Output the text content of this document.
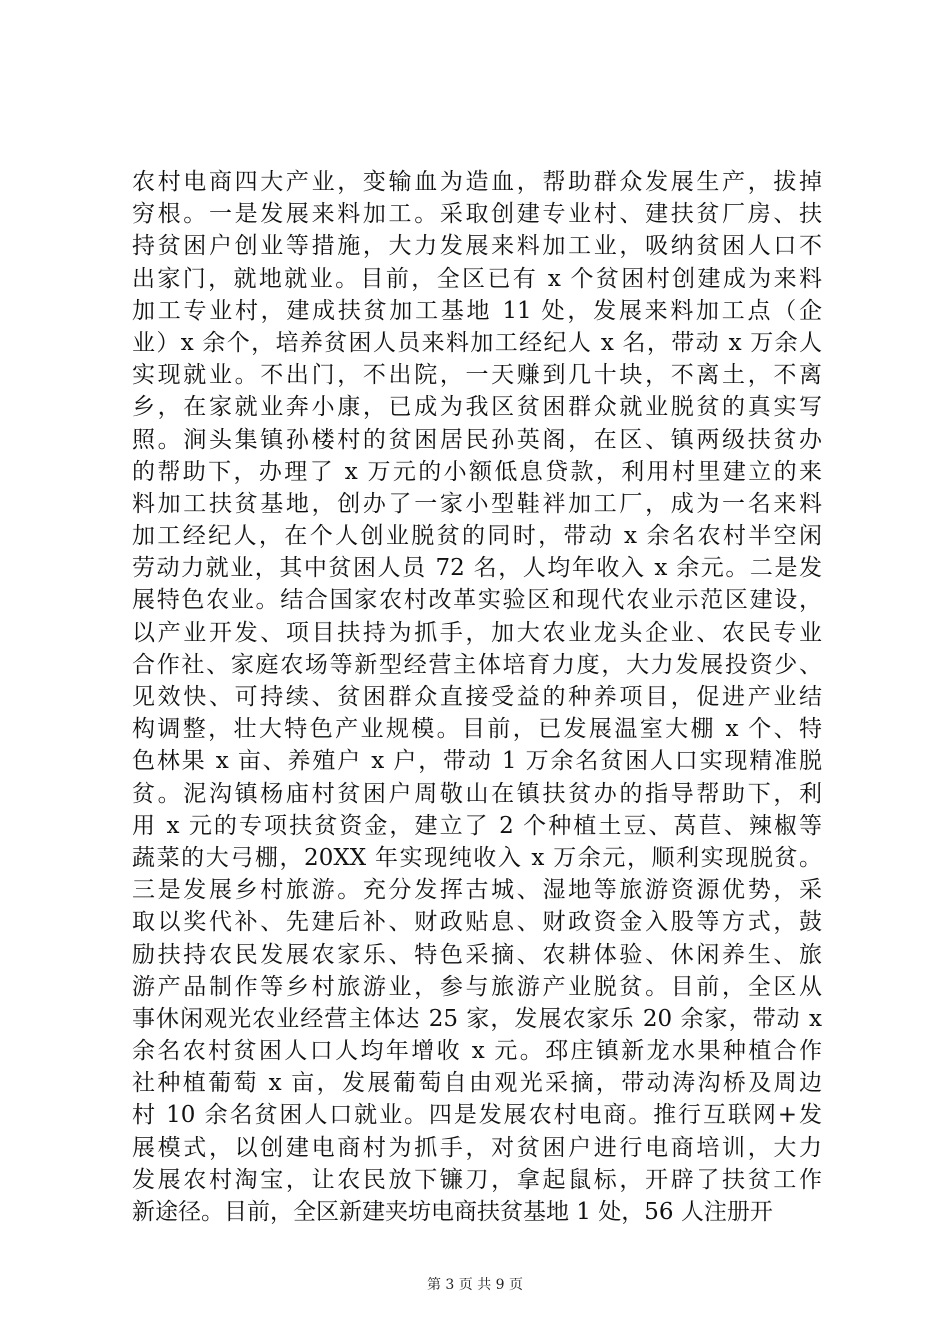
农村电商四大产业，变输血为造血，帮助群众发展生产，拔掉
穷根。一是发展来料加工。采取创建专业村、建扶贫厂房、扶
持贫困户创业等措施，大力发展来料加工业，吸纳贫困人口不
出家门，就地就业。目前，全区已有 x 个贫困村创建成为来料
加工专业村，建成扶贫加工基地 11 处，发展来料加工点（企
业）x 余个，培养贫困人员来料加工经纪人 x 名，带动 x 万余人
实现就业。不出门，不出院，一天赚到几十块，不离土，不离
乡，在家就业奔小康，已成为我区贫困群众就业脱贫的真实写
照。涧头集镇孙楼村的贫困居民孙英阁，在区、镇两级扶贫办
的帮助下，办理了 x 万元的小额低息贷款，利用村里建立的来
料加工扶贫基地，创办了一家小型鞋袢加工厂，成为一名来料
加工经纪人，在个人创业脱贫的同时，带动 x 余名农村半空闲
劳动力就业，其中贫困人员 72 名，人均年收入 x 余元。二是发
展特色农业。结合国家农村改革实验区和现代农业示范区建设，
以产业开发、项目扶持为抓手，加大农业龙头企业、农民专业
合作社、家庭农场等新型经营主体培育力度，大力发展投资少、
见效快、可持续、贫困群众直接受益的种养项目，促进产业结
构调整，壮大特色产业规模。目前，已发展温室大棚 x 个、特
色林果 x 亩、养殖户 x 户，带动 1 万余名贫困人口实现精准脱
贫。泥沟镇杨庙村贫困户周敬山在镇扶贫办的指导帮助下，利
用 x 元的专项扶贫资金，建立了 2 个种植土豆、莴苣、辣椒等
蔬菜的大弓棚，20XX 年实现纯收入 x 万余元，顺利实现脱贫。
三是发展乡村旅游。充分发挥古城、湿地等旅游资源优势，采
取以奖代补、先建后补、财政贴息、财政资金入股等方式，鼓
励扶持农民发展农家乐、特色采摘、农耕体验、休闲养生、旅
游产品制作等乡村旅游业，参与旅游产业脱贫。目前，全区从
事休闲观光农业经营主体达 25 家，发展农家乐 20 余家，带动 x
余名农村贫困人口人均年增收 x 元。邳庄镇新龙水果种植合作
社种植葡萄 x 亩，发展葡萄自由观光采摘，带动涛沟桥及周边
村 10 余名贫困人口就业。四是发展农村电商。推行互联网+发
展模式，以创建电商村为抓手，对贫困户进行电商培训，大力
发展农村淘宝，让农民放下镰刀，拿起鼠标，开辟了扶贫工作
新途径。目前，全区新建夹坊电商扶贫基地 1 处，56 人注册开
第 3 页 共 9 页
